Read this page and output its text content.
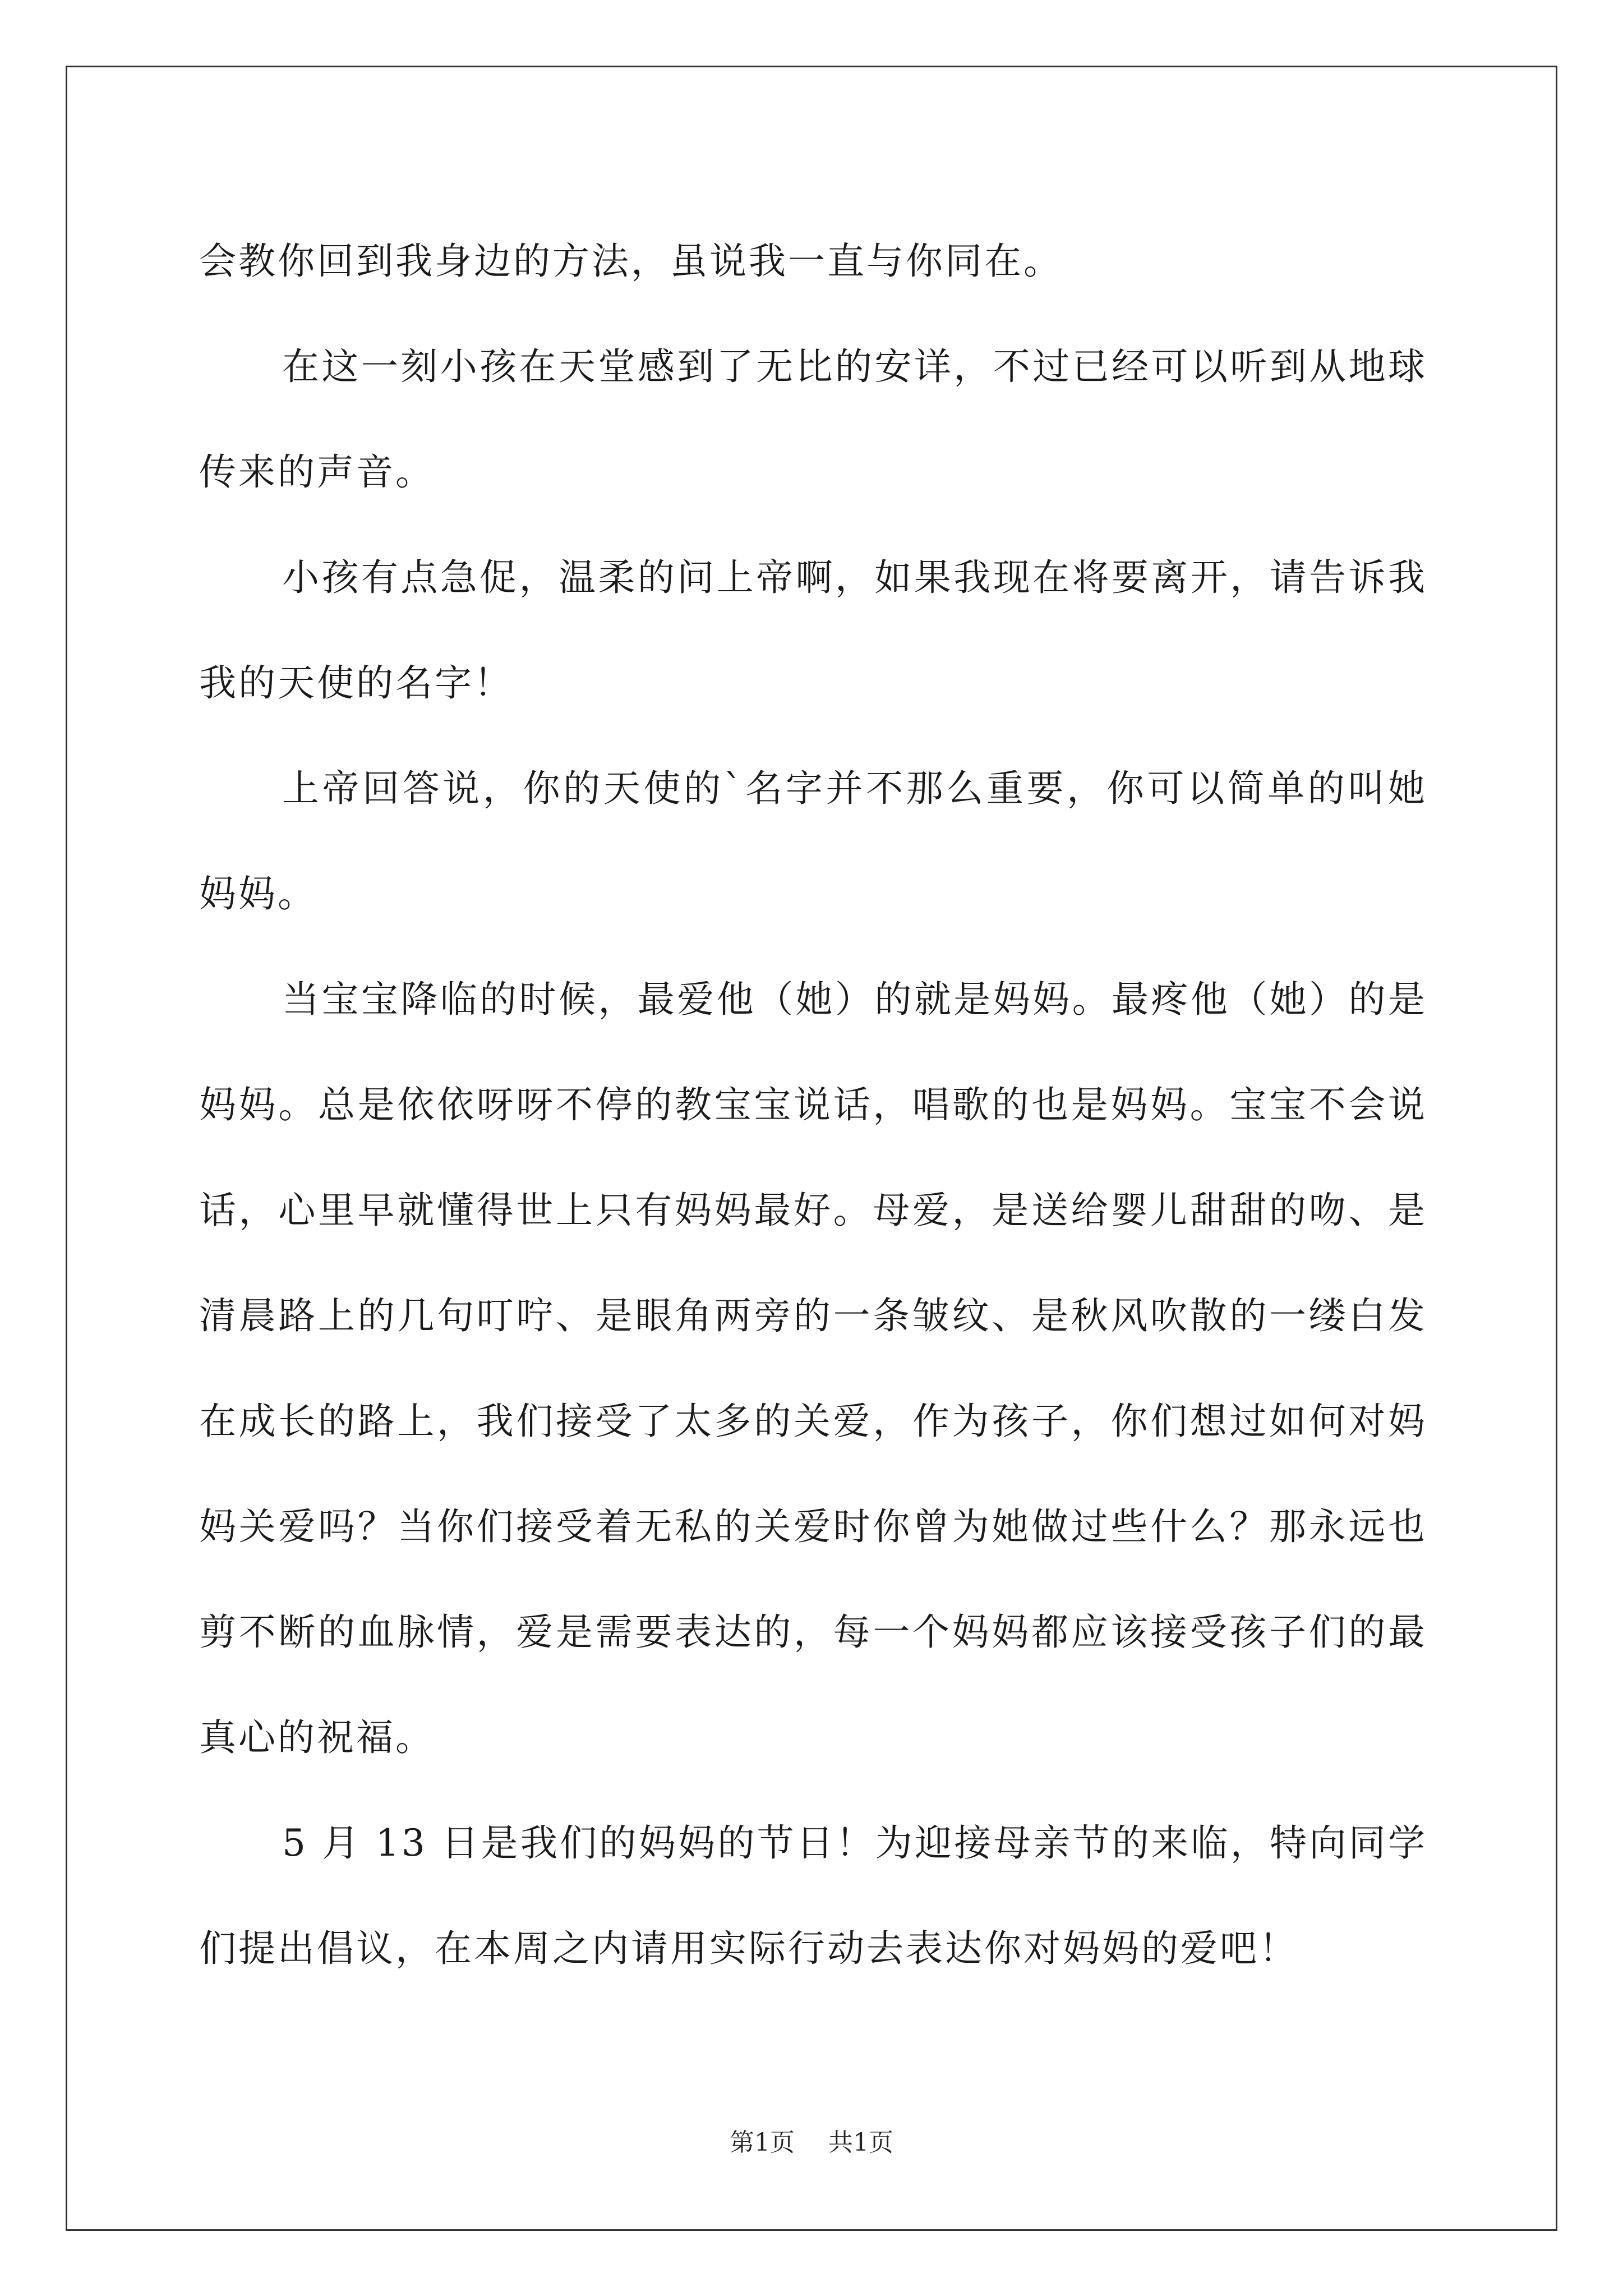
会教你回到我身边的方法，虽说我一直与你同在。

在这一刻小孩在天堂感到了无比的安详，不过已经可以听到从地球传来的声音。

小孩有点急促，温柔的问上帝啊，如果我现在将要离开，请告诉我我的天使的名字！

上帝回答说，你的天使的`名字并不那么重要，你可以简单的叫她妈妈。

当宝宝降临的时候，最爱他（她）的就是妈妈。最疼他（她）的是妈妈。总是依依呀呀不停的教宝宝说话，唱歌的也是妈妈。宝宝不会说话，心里早就懂得世上只有妈妈最好。母爱，是送给婴儿甜甜的吻、是清晨路上的几句叮咛、是眼角两旁的一条皱纹、是秋风吹散的一缕白发在成长的路上，我们接受了太多的关爱，作为孩子，你们想过如何对妈妈关爱吗？当你们接受着无私的关爱时你曾为她做过些什么？那永远也剪不断的血脉情，爱是需要表达的，每一个妈妈都应该接受孩子们的最真心的祝福。

5 月 13 日是我们的妈妈的节日！为迎接母亲节的来临，特向同学们提出倡议，在本周之内请用实际行动去表达你对妈妈的爱吧！

第1页 共1页
